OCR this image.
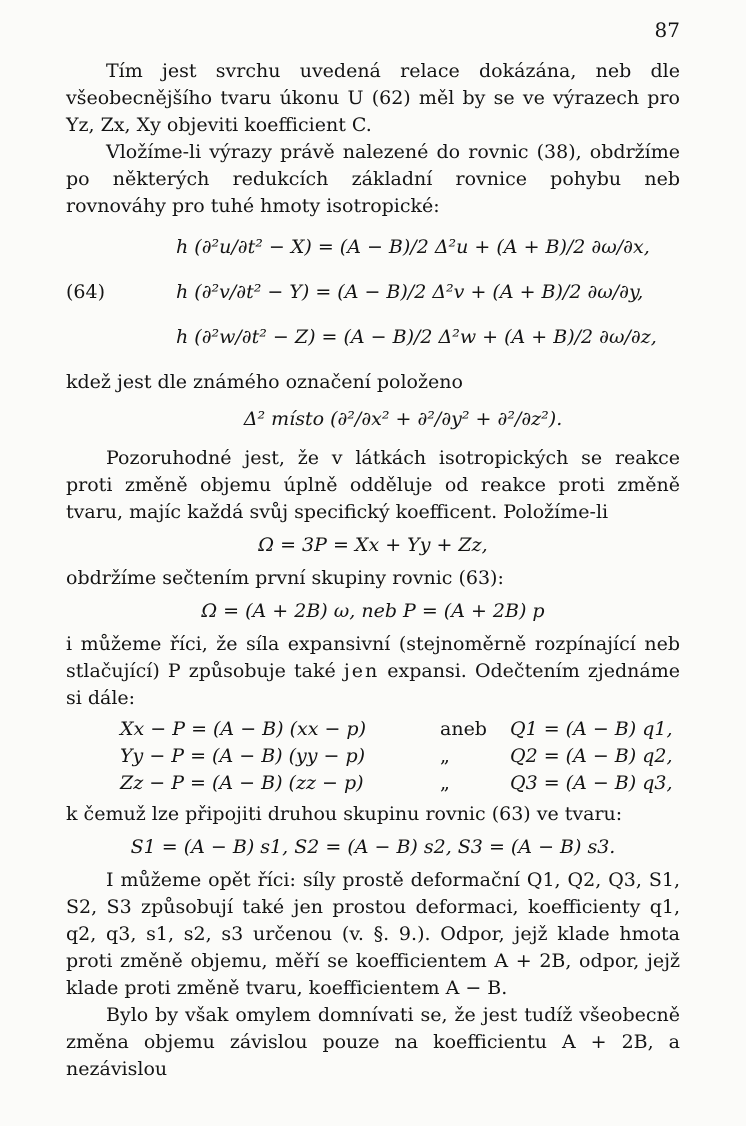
87

Tím jest svrchu uvedená relace dokázána, neb dle všeobecnějšího tvaru úkonu U (62) měl by se ve výrazech pro Yz, Zx, Xy objeviti koefficient C.

Vložíme-li výrazy právě nalezené do rovnic (38), obdržíme po některých redukcích základní rovnice pohybu neb rovnováhy pro tuhé hmoty isotropické:

h (∂²u/∂t² − X) = (A − B)/2 Δ²u + (A + B)/2 ∂ω/∂x,
(64)	h (∂²v/∂t² − Y) = (A − B)/2 Δ²v + (A + B)/2 ∂ω/∂y,
h (∂²w/∂t² − Z) = (A − B)/2 Δ²w + (A + B)/2 ∂ω/∂z,

kdež jest dle známého označení položeno

Δ² místo (∂²/∂x² + ∂²/∂y² + ∂²/∂z²).

Pozoruhodné jest, že v látkách isotropických se reakce proti změně objemu úplně odděluje od reakce proti změně tvaru, majíc každá svůj specifický koefficent. Položíme-li

Ω = 3P = Xx + Yy + Zz,

obdržíme sečtením první skupiny rovnic (63):

Ω = (A + 2B) ω, neb P = (A + 2B) p

i můžeme říci, že síla expansivní (stejnoměrně rozpínající neb stlačující) P způsobuje také jen expansi. Odečtením zjednáme si dále:

Xx − P = (A − B) (xx − p)	aneb	Q1 = (A − B) q1,
Yy − P = (A − B) (yy − p)	„	Q2 = (A − B) q2,
Zz − P = (A − B) (zz − p)	„	Q3 = (A − B) q3,

k čemuž lze připojiti druhou skupinu rovnic (63) ve tvaru:

S1 = (A − B) s1, S2 = (A − B) s2, S3 = (A − B) s3.

I můžeme opět říci: síly prostě deformační Q1, Q2, Q3, S1, S2, S3 způsobují také jen prostou deformaci, koefficienty q1, q2, q3, s1, s2, s3 určenou (v. §. 9.). Odpor, jejž klade hmota proti změně objemu, měří se koefficientem A + 2B, odpor, jejž klade proti změně tvaru, koefficientem A − B.

Bylo by však omylem domnívati se, že jest tudíž všeobecně změna objemu závislou pouze na koefficientu A + 2B, a nezávislou
